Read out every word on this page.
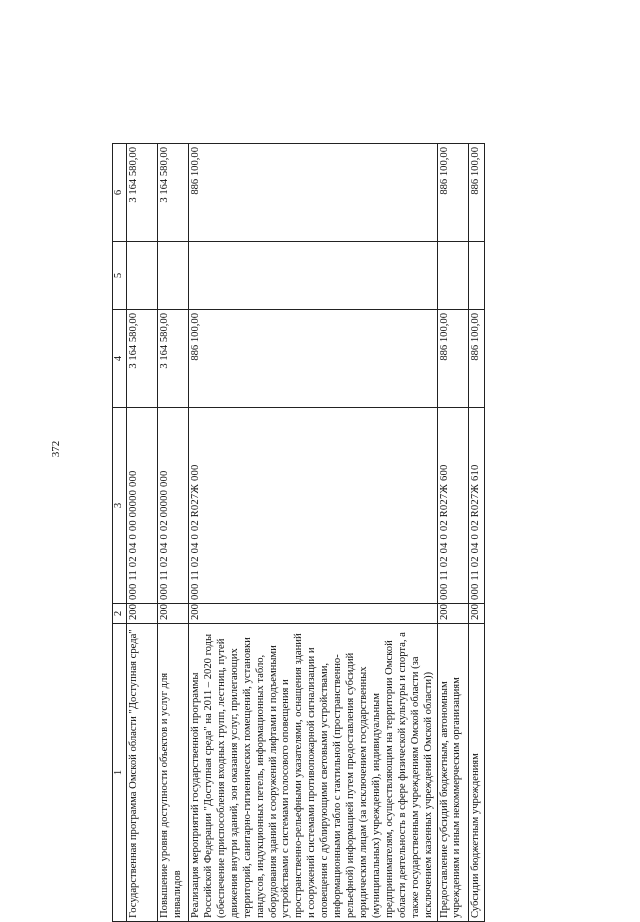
372
1	2	3	4	5	6
Государственная программа Омской области "Доступная среда"	200	000 11 02 04 0 00 00000 000	3 164 580,00		3 164 580,00
Повышение уровня доступности объектов и услуг для инвалидов	200	000 11 02 04 0 02 00000 000	3 164 580,00		3 164 580,00
Реализация мероприятий государственной программы Российской Федерации "Доступная среда" на 2011 – 2020 годы (обеспечение приспособления входных групп, лестниц, путей движения внутри зданий, зон оказания услуг, прилегающих территорий, санитарно-гигиенических помещений, установки пандусов, индукционных петель, информационных табло, оборудования зданий и сооружений лифтами и подъемными устройствами с системами голосового оповещения и пространственно-рельефными указателями, оснащения зданий и сооружений системами противопожарной сигнализации и оповещения с дублирующими световыми устройствами, информационными табло с тактильной (пространственно-рельефной) информацией путем предоставления субсидий юридическим лицам (за исключением государственных (муниципальных) учреждений), индивидуальным предпринимателям, осуществляющим на территории Омской области деятельность в сфере физической культуры и спорта, а также государственным учреждениям Омской области (за исключением казенных учреждений Омской области))	200	000 11 02 04 0 02 R027Ж 000	886 100,00		886 100,00
Предоставление субсидий бюджетным, автономным учреждениям и иным некоммерческим организациям	200	000 11 02 04 0 02 R027Ж 600	886 100,00		886 100,00
Субсидии бюджетным учреждениям	200	000 11 02 04 0 02 R027Ж 610	886 100,00		886 100,00
